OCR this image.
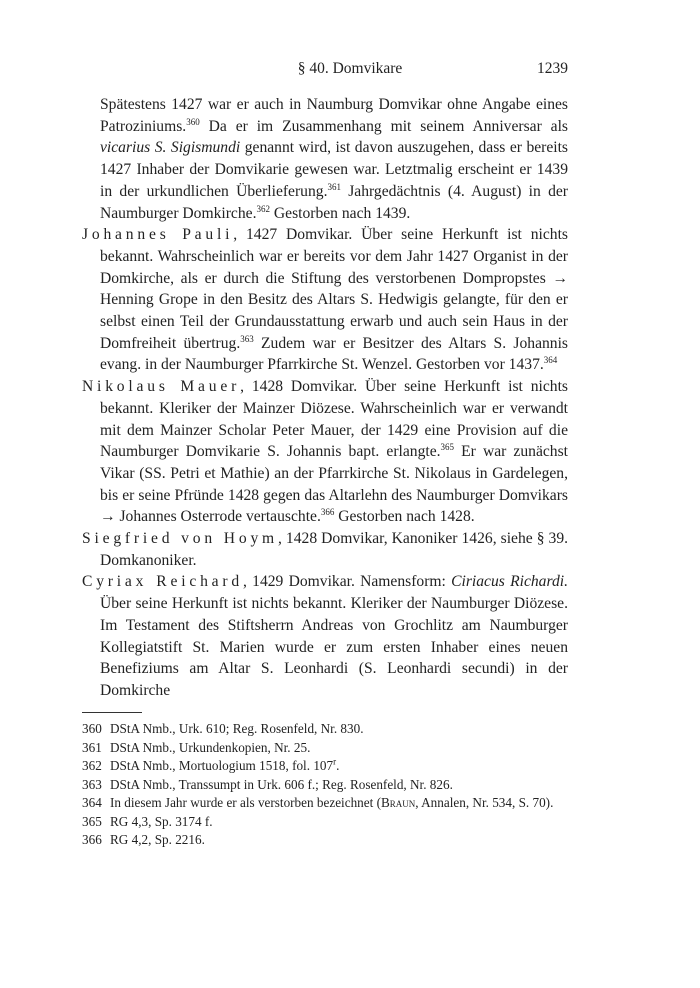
§ 40. Domvikare	1239

Spätestens 1427 war er auch in Naumburg Domvikar ohne Angabe eines Patroziniums.$^{360}$ Da er im Zusammenhang mit seinem Anniversar als vicarius S. Sigismundi genannt wird, ist davon auszugehen, dass er bereits 1427 Inhaber der Domvikarie gewesen war. Letztmalig erscheint er 1439 in der urkundlichen Überlieferung.$^{361}$ Jahrgedächtnis (4. August) in der Naumburger Domkirche.$^{362}$ Gestorben nach 1439.

Johannes Pauli, 1427 Domvikar. Über seine Herkunft ist nichts bekannt. Wahrscheinlich war er bereits vor dem Jahr 1427 Organist in der Domkirche, als er durch die Stiftung des verstorbenen Dompropstes → Henning Grope in den Besitz des Altars S. Hedwigis gelangte, für den er selbst einen Teil der Grundausstattung erwarb und auch sein Haus in der Domfreiheit übertrug.$^{363}$ Zudem war er Besitzer des Altars S. Johannis evang. in der Naumburger Pfarrkirche St. Wenzel. Gestorben vor 1437.$^{364}$

Nikolaus Mauer, 1428 Domvikar. Über seine Herkunft ist nichts bekannt. Kleriker der Mainzer Diözese. Wahrscheinlich war er verwandt mit dem Mainzer Scholar Peter Mauer, der 1429 eine Provision auf die Naumburger Domvikarie S. Johannis bapt. erlangte.$^{365}$ Er war zunächst Vikar (SS. Petri et Mathie) an der Pfarrkirche St. Nikolaus in Gardelegen, bis er seine Pfründe 1428 gegen das Altarlehn des Naumburger Domvikars → Johannes Osterrode vertauschte.$^{366}$ Gestorben nach 1428.

Siegfried von Hoym, 1428 Domvikar, Kanoniker 1426, siehe § 39. Domkanoniker.

Cyriax Reichard, 1429 Domvikar. Namensform: Ciriacus Richardi. Über seine Herkunft ist nichts bekannt. Kleriker der Naumburger Diözese. Im Testament des Stiftsherrn Andreas von Grochlitz am Naumburger Kollegiatstift St. Marien wurde er zum ersten Inhaber eines neuen Benefiziums am Altar S. Leonhardi (S. Leonhardi secundi) in der Domkirche

360 DStA Nmb., Urk. 610; Reg. Rosenfeld, Nr. 830.
361 DStA Nmb., Urkundenkopien, Nr. 25.
362 DStA Nmb., Mortuologium 1518, fol. 107$^r$.
363 DStA Nmb., Transsumpt in Urk. 606 f.; Reg. Rosenfeld, Nr. 826.
364 In diesem Jahr wurde er als verstorben bezeichnet (Braun, Annalen, Nr. 534, S. 70).
365 RG 4,3, Sp. 3174 f.
366 RG 4,2, Sp. 2216.
